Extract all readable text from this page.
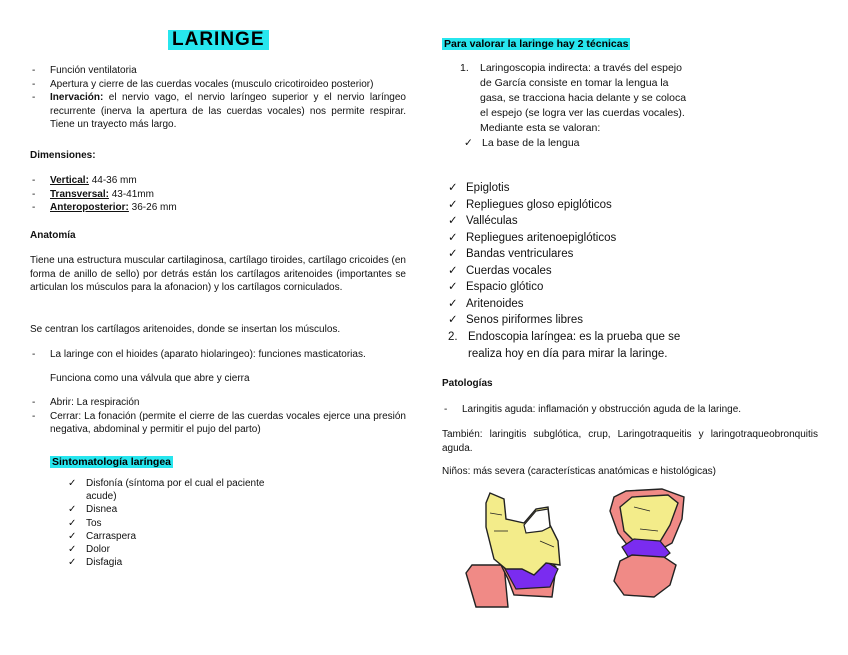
LARINGE
- Función ventilatoria
- Apertura y cierre de las cuerdas vocales (musculo cricotiroideo posterior)
- Inervación: el nervio vago, el nervio laríngeo superior y el nervio laríngeo recurrente (inerva la apertura de las cuerdas vocales) nos permite respirar. Tiene un trayecto más largo.
Dimensiones:
- Vertical: 44-36 mm
- Transversal: 43-41mm
- Anteroposterior: 36-26 mm
Anatomía

Tiene una estructura muscular cartilaginosa, cartílago tiroides, cartílago cricoides (en forma de anillo de sello) por detrás están los cartílagos aritenoides (importantes se articulan los músculos para la afonacion) y los cartílagos corniculados.

Se centran los cartílagos aritenoides, donde se insertan los músculos.

- La laringe con el hioides (aparato hiolaringeo): funciones masticatorias.
Funciona como una válvula que abre y cierra
- Abrir: La respiración
- Cerrar: La fonación (permite el cierre de las cuerdas vocales ejerce una presión negativa, abdominal y permitir el pujo del parto)
Sintomatología laríngea
✓ Disfonía (síntoma por el cual el paciente acude)
✓ Disnea
✓ Tos
✓ Carraspera
✓ Dolor
✓ Disfagia
Para valorar la laringe hay 2 técnicas
1. Laringoscopia indirecta: a través del espejo de García consiste en tomar la lengua la gasa, se tracciona hacia delante y se coloca el espejo (se logra ver las cuerdas vocales). Mediante esta se valoran:
✓ La base de la lengua
✓ Epiglotis
✓ Repliegues gloso epiglóticos
✓ Valléculas
✓ Repliegues aritenoepiglóticos
✓ Bandas ventriculares
✓ Cuerdas vocales
✓ Espacio glótico
✓ Aritenoides
✓ Senos piriformes libres
2. Endoscopia laríngea: es la prueba que se realiza hoy en día para mirar la laringe.
Patologías
- Laringitis aguda: inflamación y obstrucción aguda de la laringe.

También: laringitis subglótica, crup, Laringotraqueitis y laringotraqueobronquitis aguda.

Niños: más severa (características anatómicas e histológicas)
